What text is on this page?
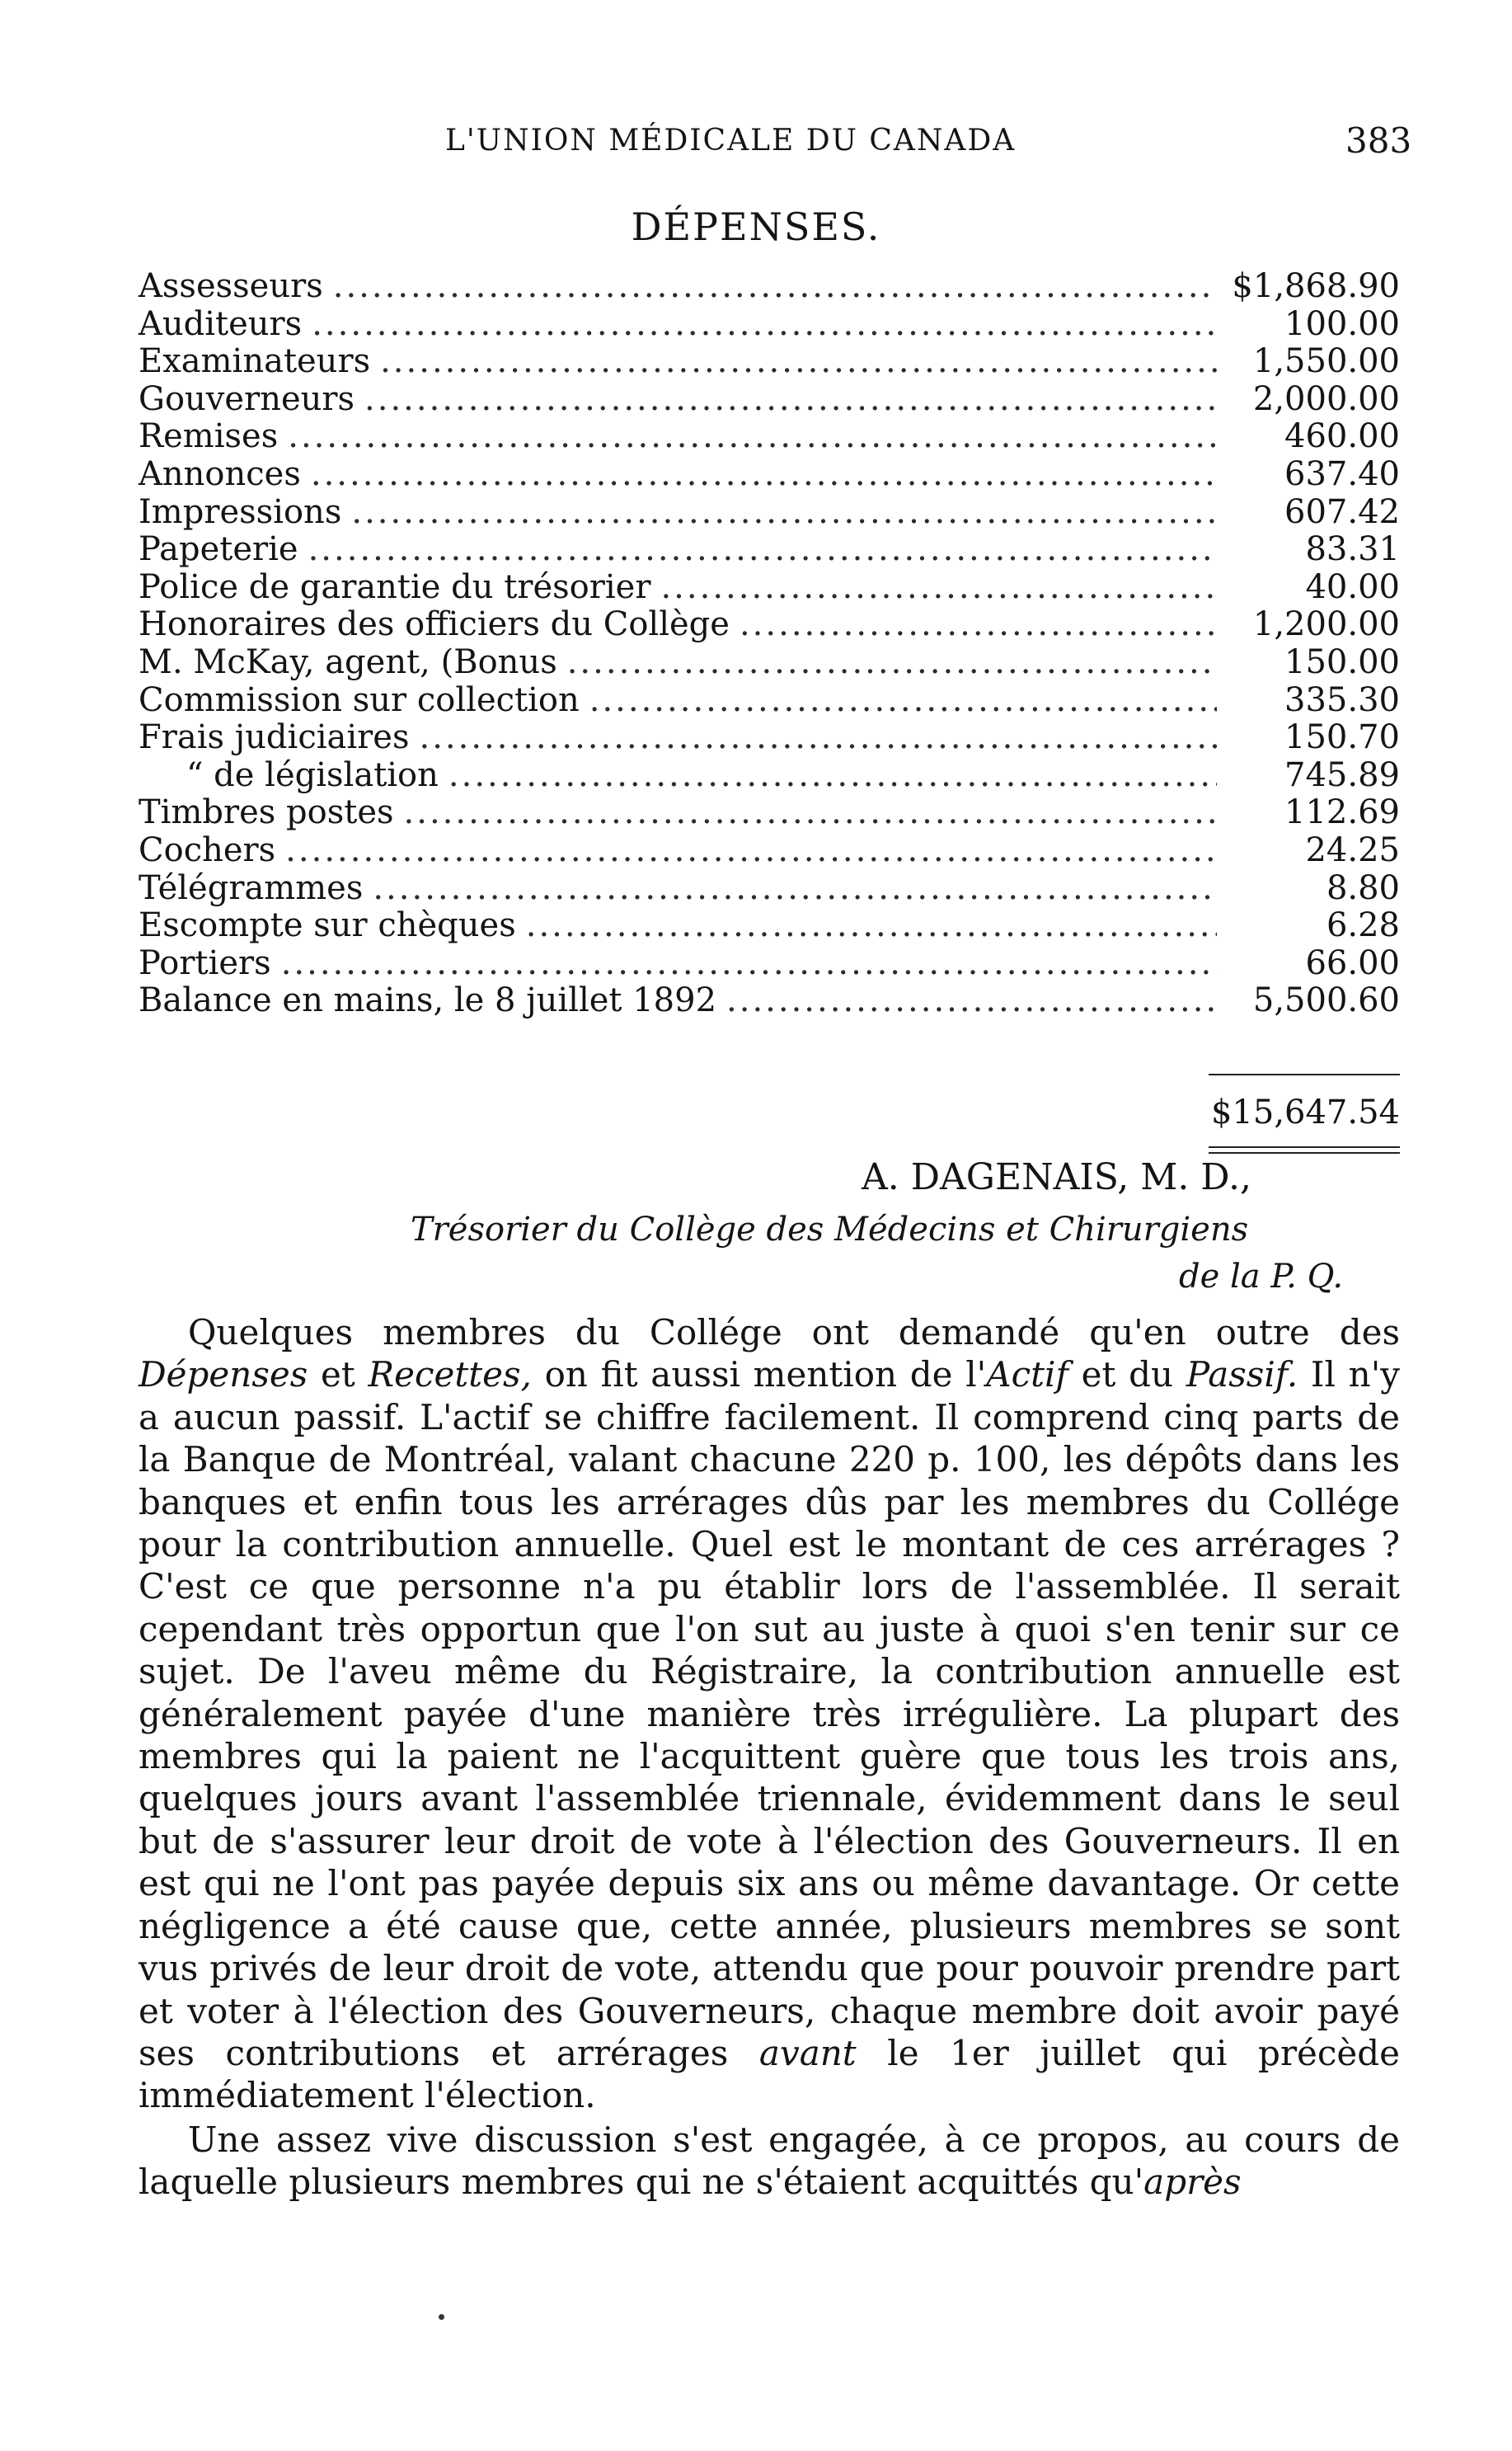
L'UNION MÉDICALE DU CANADA	383
DÉPENSES.
Assesseurs .....	$1,868.90
Auditeurs .....	100.00
Examinateurs .....	1,550.00
Gouverneurs .....	2,000.00
Remises .....	460.00
Annonces .....	637.40
Impressions .....	607.42
Papeterie .....	83.31
Police de garantie du trésorier .....	40.00
Honoraires des officiers du Collège .....	1,200.00
M. McKay, agent, (Bonus .....	150.00
Commission sur collection .....	335.30
Frais judiciaires .....	150.70
“ de législation .....	745.89
Timbres postes .....	112.69
Cochers .....	24.25
Télégrammes .....	8.80
Escompte sur chèques .....	6.28
Portiers .....	66.00
Balance en mains, le 8 juillet 1892 .....	5,500.60
$15,647.54
A. DAGENAIS, M. D.,
Trésorier du Collège des Médecins et Chirurgiens
de la P. Q.

Quelques membres du Collége ont demandé qu'en outre des Dépenses et Recettes, on fit aussi mention de l'Actif et du Passif. Il n'y a aucun passif. L'actif se chiffre facilement. Il comprend cinq parts de la Banque de Montréal, valant chacune 220 p. 100, les dépôts dans les banques et enfin tous les arrérages dûs par les membres du Collége pour la contribution annuelle. Quel est le montant de ces arrérages ? C'est ce que personne n'a pu établir lors de l'assemblée. Il serait cependant très opportun que l'on sut au juste à quoi s'en tenir sur ce sujet. De l'aveu même du Régistraire, la contribution annuelle est généralement payée d'une manière très irrégulière. La plupart des membres qui la paient ne l'acquittent guère que tous les trois ans, quelques jours avant l'assemblée triennale, évidemment dans le seul but de s'assurer leur droit de vote à l'élection des Gouverneurs. Il en est qui ne l'ont pas payée depuis six ans ou même davantage. Or cette négligence a été cause que, cette année, plusieurs membres se sont vus privés de leur droit de vote, attendu que pour pouvoir prendre part et voter à l'élection des Gouverneurs, chaque membre doit avoir payé ses contributions et arrérages avant le 1er juillet qui précède immédiatement l'élection.

Une assez vive discussion s'est engagée, à ce propos, au cours de laquelle plusieurs membres qui ne s'étaient acquittés qu'après
